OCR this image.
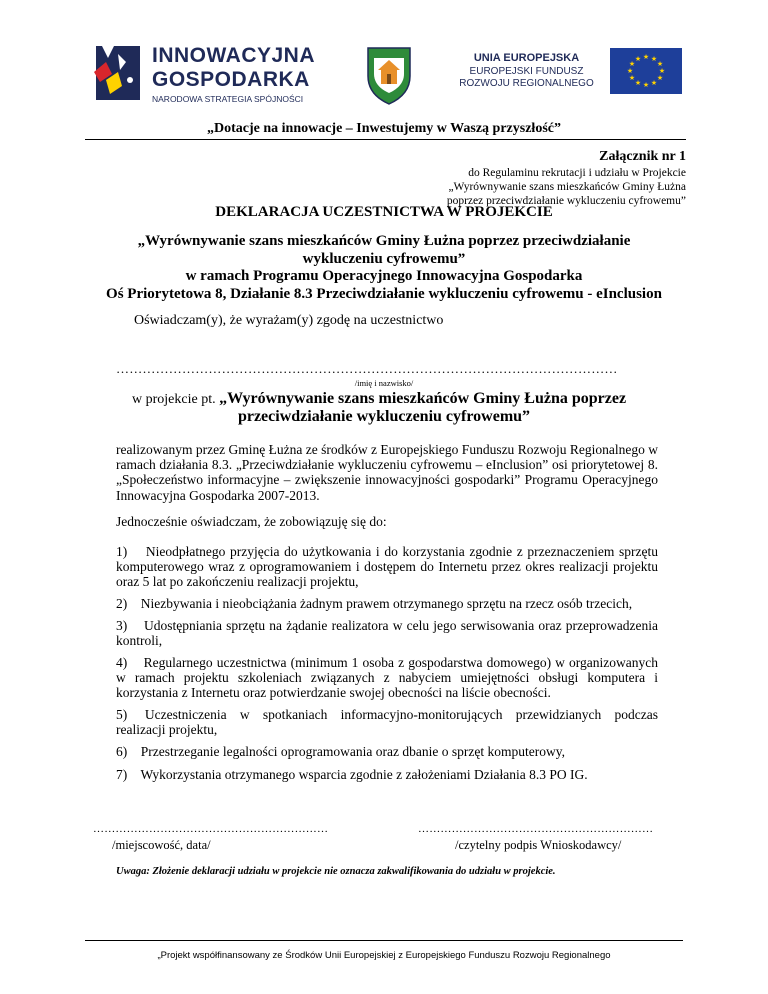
INNOWACYJNA
GOSPODARKA
NARODOWA STRATEGIA SPÓJNOŚCI
UNIA EUROPEJSKA
EUROPEJSKI FUNDUSZ
ROZWOJU REGIONALNEGO
★ ★
★
★
★
★
★
★
★
★
★
★
„Dotacje na innowacje – Inwestujemy w Waszą przyszłość”
Załącznik nr 1
do Regulaminu rekrutacji i udziału w Projekcie
„Wyrównywanie szans mieszkańców Gminy Łużna
poprzez przeciwdziałanie wykluczeniu cyfrowemu”
DEKLARACJA UCZESTNICTWA W PROJEKCIE
„Wyrównywanie szans mieszkańców Gminy Łużna poprzez przeciwdziałanie
wykluczeniu cyfrowemu”
w ramach Programu Operacyjnego Innowacyjna Gospodarka
Oś Priorytetowa 8, Działanie 8.3 Przeciwdziałanie wykluczeniu cyfrowemu - eInclusion
Oświadczam(y), że wyrażam(y) zgodę na uczestnictwo
……………………………………………………………………………………………………
/imię i nazwisko/
w projekcie pt. „Wyrównywanie szans mieszkańców Gminy Łużna poprzez
przeciwdziałanie wykluczeniu cyfrowemu”
realizowanym przez Gminę Łużna ze środków z Europejskiego Funduszu Rozwoju Regionalnego w ramach działania 8.3. „Przeciwdziałanie wykluczeniu cyfrowemu – eInclusion” osi priorytetowej 8. „Społeczeństwo informacyjne – zwiększenie innowacyjności gospodarki” Programu Operacyjnego Innowacyjna Gospodarka 2007-2013.
Jednocześnie oświadczam, że zobowiązuję się do:
1)    Nieodpłatnego przyjęcia do użytkowania i do korzystania zgodnie z przeznaczeniem sprzętu komputerowego wraz z oprogramowaniem i dostępem do Internetu przez okres realizacji projektu oraz 5 lat po zakończeniu realizacji projektu,
2)    Niezbywania i nieobciążania żadnym prawem otrzymanego sprzętu na rzecz osób trzecich,
3)    Udostępniania sprzętu na żądanie realizatora w celu jego serwisowania oraz przeprowadzenia kontroli,
4)    Regularnego uczestnictwa (minimum 1 osoba z gospodarstwa domowego) w organizowanych w ramach projektu szkoleniach związanych z nabyciem umiejętności obsługi komputera i korzystania z Internetu oraz potwierdzanie swojej obecności na liście obecności.
5)    Uczestniczenia   w   spotkaniach   informacyjno-monitorujących   przewidzianych   podczas realizacji projektu,
6)    Przestrzeganie legalności oprogramowania oraz dbanie o sprzęt komputerowy,
7)    Wykorzystania otrzymanego wsparcia zgodnie z założeniami Działania 8.3 PO IG.
………………………………………………………	………………………………………………………
/miejscowość, data/	/czytelny podpis Wnioskodawcy/
Uwaga: Złożenie deklaracji udziału w projekcie nie oznacza zakwalifikowania do udziału w projekcie.
„Projekt współfinansowany ze Środków Unii Europejskiej z Europejskiego Funduszu Rozwoju Regionalnego
